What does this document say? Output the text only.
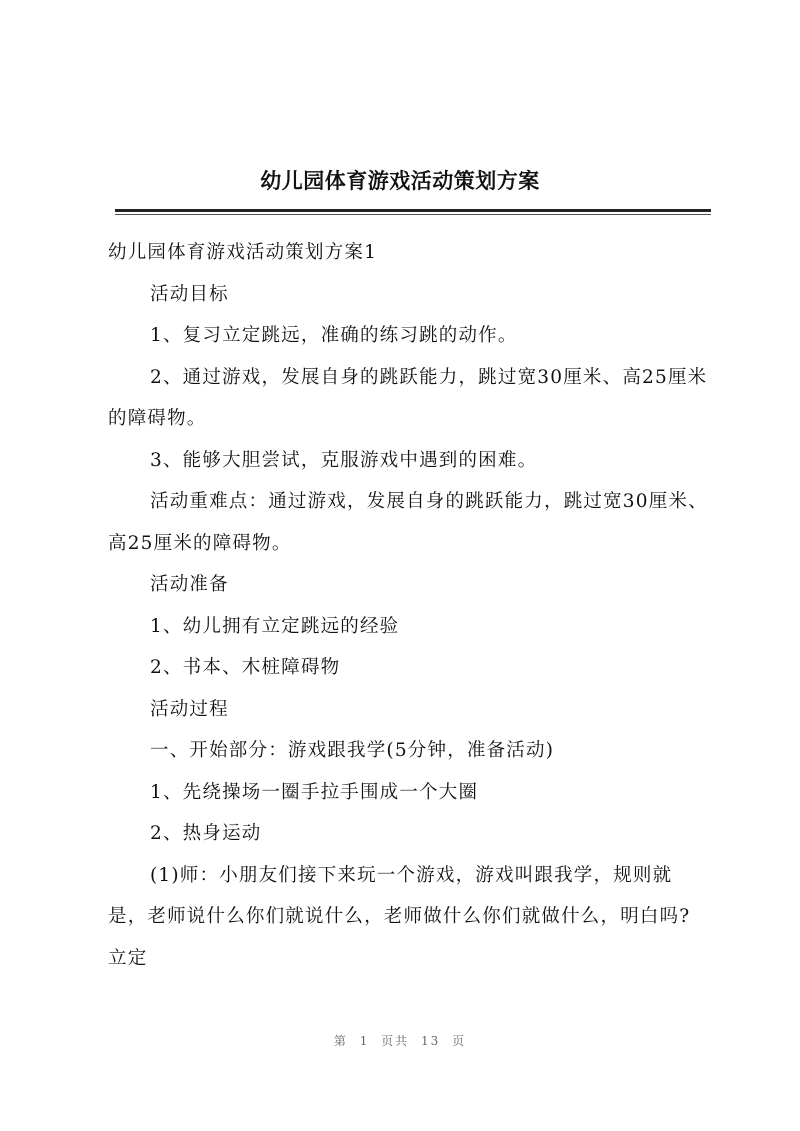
幼儿园体育游戏活动策划方案

幼儿园体育游戏活动策划方案1

活动目标

1、复习立定跳远，准确的练习跳的动作。

2、通过游戏，发展自身的跳跃能力，跳过宽30厘米、高25厘米的障碍物。

3、能够大胆尝试，克服游戏中遇到的困难。

活动重难点：通过游戏，发展自身的跳跃能力，跳过宽30厘米、高25厘米的障碍物。

活动准备

1、幼儿拥有立定跳远的经验

2、书本、木桩障碍物

活动过程

一、开始部分：游戏跟我学(5分钟，准备活动)

1、先绕操场一圈手拉手围成一个大圈

2、热身运动

(1)师：小朋友们接下来玩一个游戏，游戏叫跟我学，规则就是，老师说什么你们就说什么，老师做什么你们就做什么，明白吗?立定

第 1 页共 13 页
